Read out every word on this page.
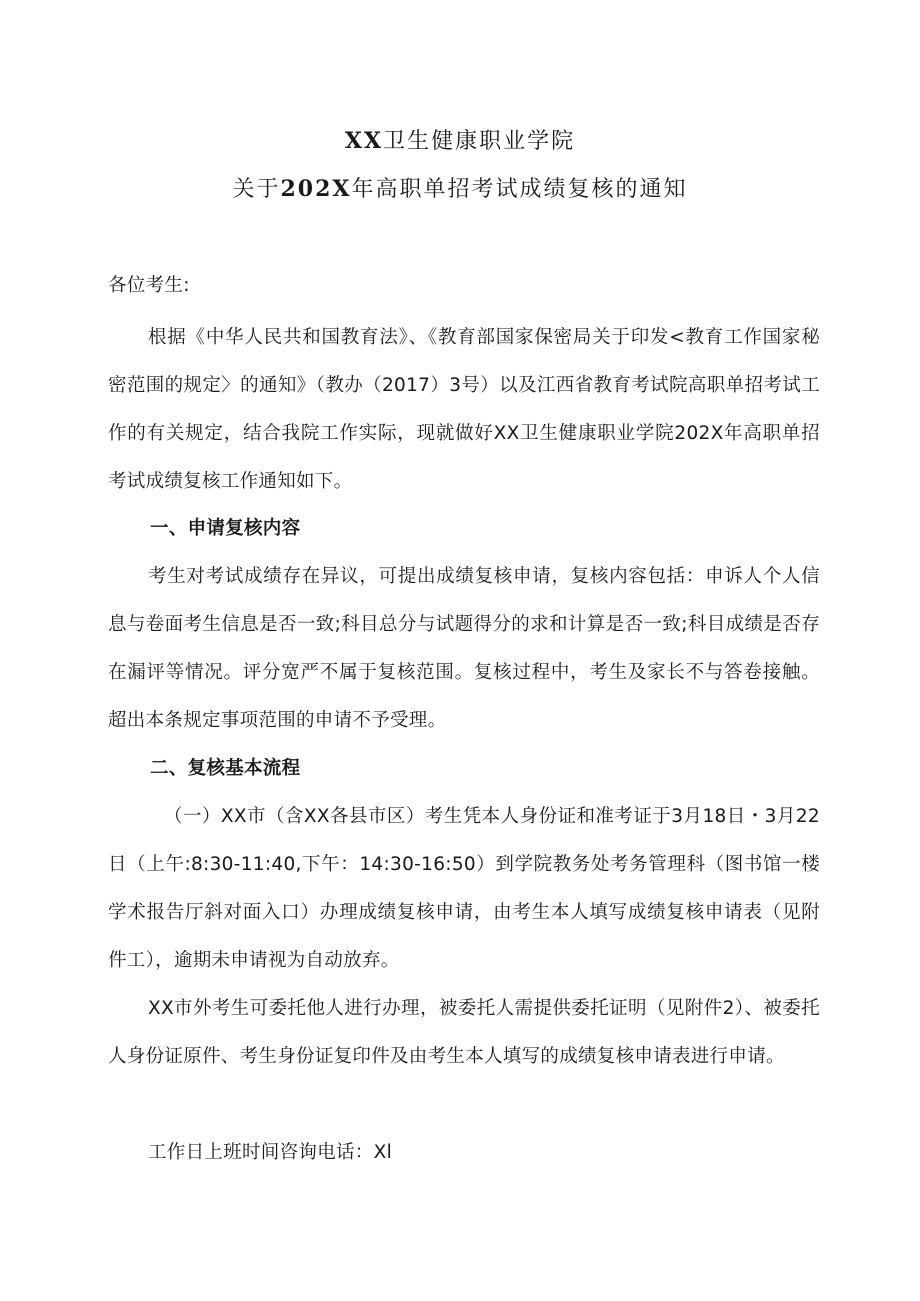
XX卫生健康职业学院
关于202X年高职单招考试成绩复核的通知
各位考生:
根据《中华人民共和国教育法》、《教育部国家保密局关于印发<教育工作国家秘密范围的规定〉的通知》（教办（2017）3号）以及江西省教育考试院高职单招考试工作的有关规定，结合我院工作实际，现就做好XX卫生健康职业学院202X年高职单招考试成绩复核工作通知如下。
一、申请复核内容
考生对考试成绩存在异议，可提出成绩复核申请，复核内容包括：申诉人个人信息与卷面考生信息是否一致;科目总分与试题得分的求和计算是否一致;科目成绩是否存在漏评等情况。评分宽严不属于复核范围。复核过程中，考生及家长不与答卷接触。超出本条规定事项范围的申请不予受理。
二、复核基本流程
（一）XX市（含XX各县市区）考生凭本人身份证和准考证于3月18日・3月22日（上午:8:30-11:40,下午：14:30-16:50）到学院教务处考务管理科（图书馆一楼学术报告厅斜对面入口）办理成绩复核申请，由考生本人填写成绩复核申请表（见附件工），逾期未申请视为自动放弃。
XX市外考生可委托他人进行办理，被委托人需提供委托证明（见附件2）、被委托人身份证原件、考生身份证复印件及由考生本人填写的成绩复核申请表进行申请。
工作日上班时间咨询电话：Xl
